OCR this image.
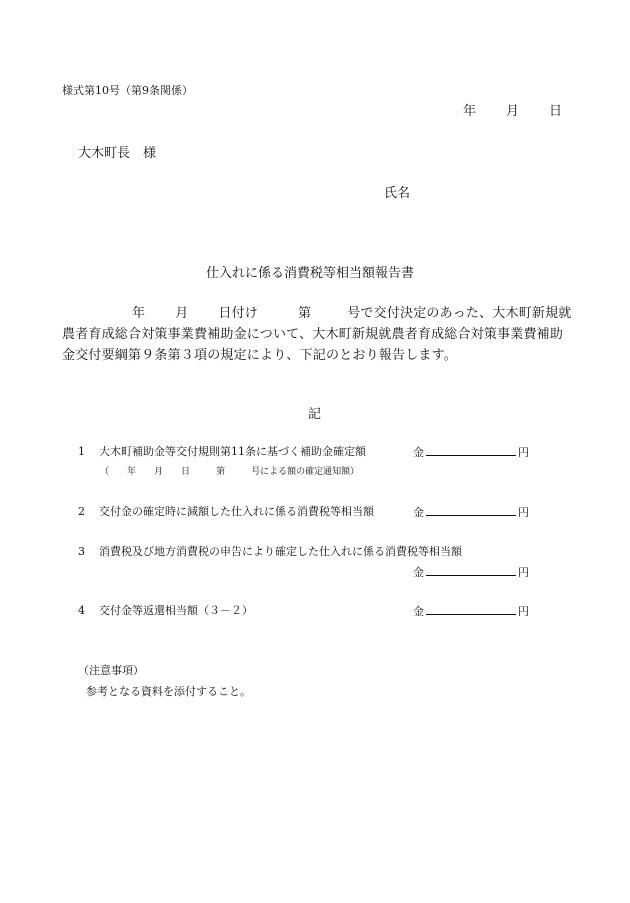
様式第10号（第9条関係）
年 月 日
大木町長　様
氏名
仕入れに係る消費税等相当額報告書
年 月 日付け	第	号で交付決定のあった、大木町新規就
農者育成総合対策事業費補助金について、大木町新規就農者育成総合対策事業費補助
金交付要綱第９条第３項の規定により、下記のとおり報告します。
記
1 大木町補助金等交付規則第11条に基づく補助金確定額	金	円
（ 年 月 日	第	号による額の確定通知額）
2 交付金の確定時に減額した仕入れに係る消費税等相当額	金	円
3 消費税及び地方消費税の申告により確定した仕入れに係る消費税等相当額
金	円
4 交付金等返還相当額（３－２）	金	円
（注意事項）
参考となる資料を添付すること。
